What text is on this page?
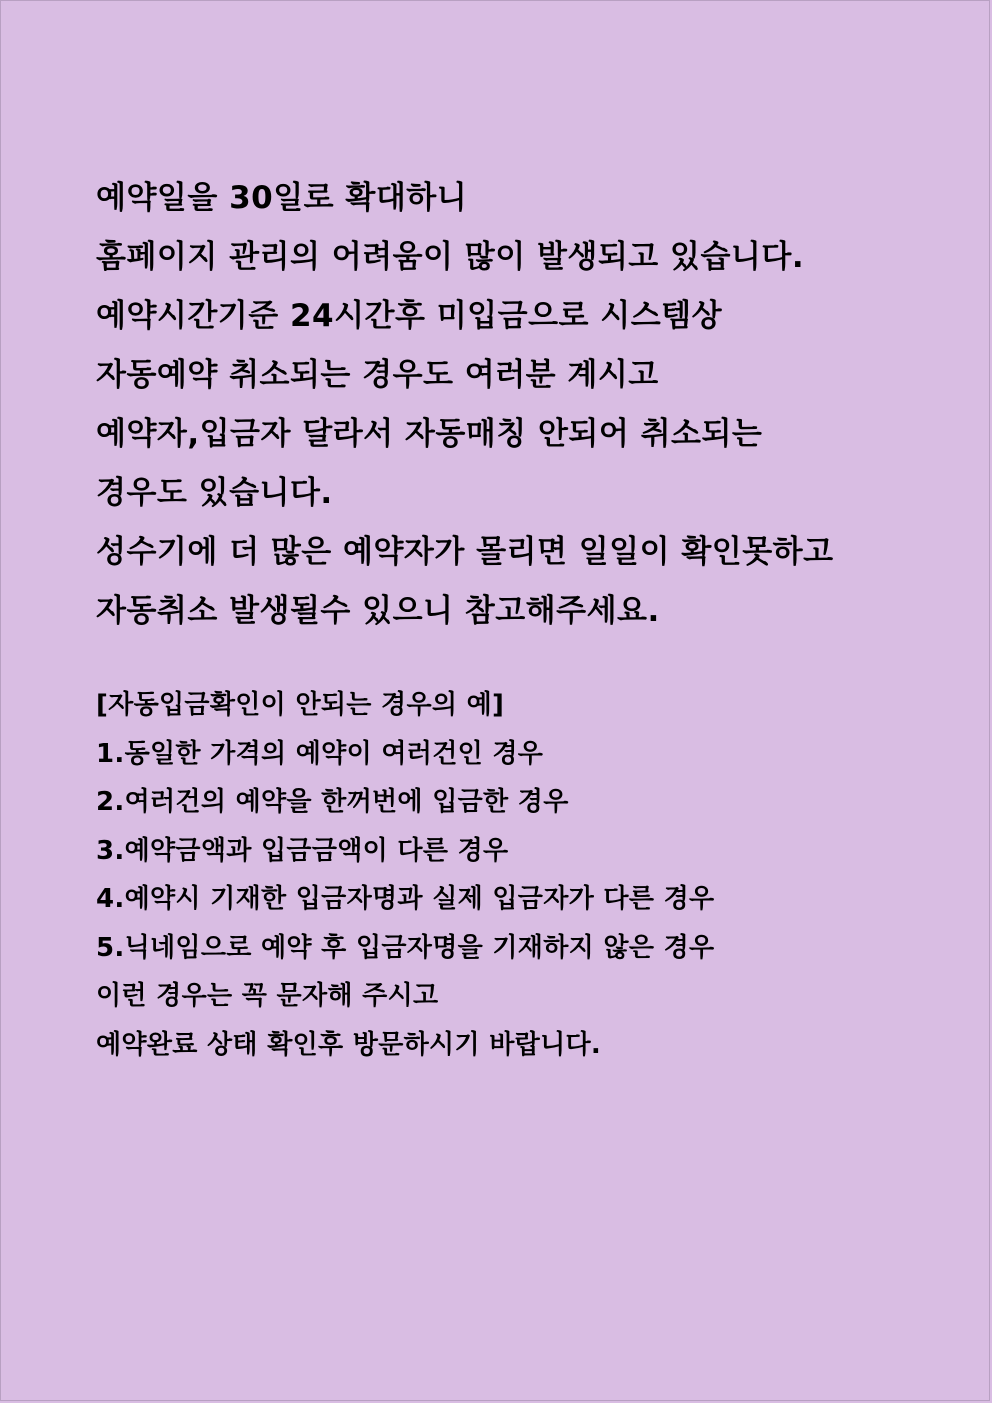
예약일을 30일로 확대하니
홈페이지 관리의 어려움이 많이 발생되고 있습니다.
예약시간기준 24시간후 미입금으로 시스템상
자동예약 취소되는 경우도 여러분 계시고
예약자,입금자 달라서 자동매칭 안되어 취소되는
경우도 있습니다.
성수기에 더 많은 예약자가 몰리면 일일이 확인못하고
자동취소 발생될수 있으니 참고해주세요.
[자동입금확인이 안되는 경우의 예]
1.동일한 가격의 예약이 여러건인 경우
2.여러건의 예약을 한꺼번에 입금한 경우
3.예약금액과 입금금액이 다른 경우
4.예약시 기재한 입금자명과 실제 입금자가 다른 경우
5.닉네임으로 예약 후 입금자명을 기재하지 않은 경우
이런 경우는 꼭 문자해 주시고
예약완료 상태 확인후 방문하시기 바랍니다.
